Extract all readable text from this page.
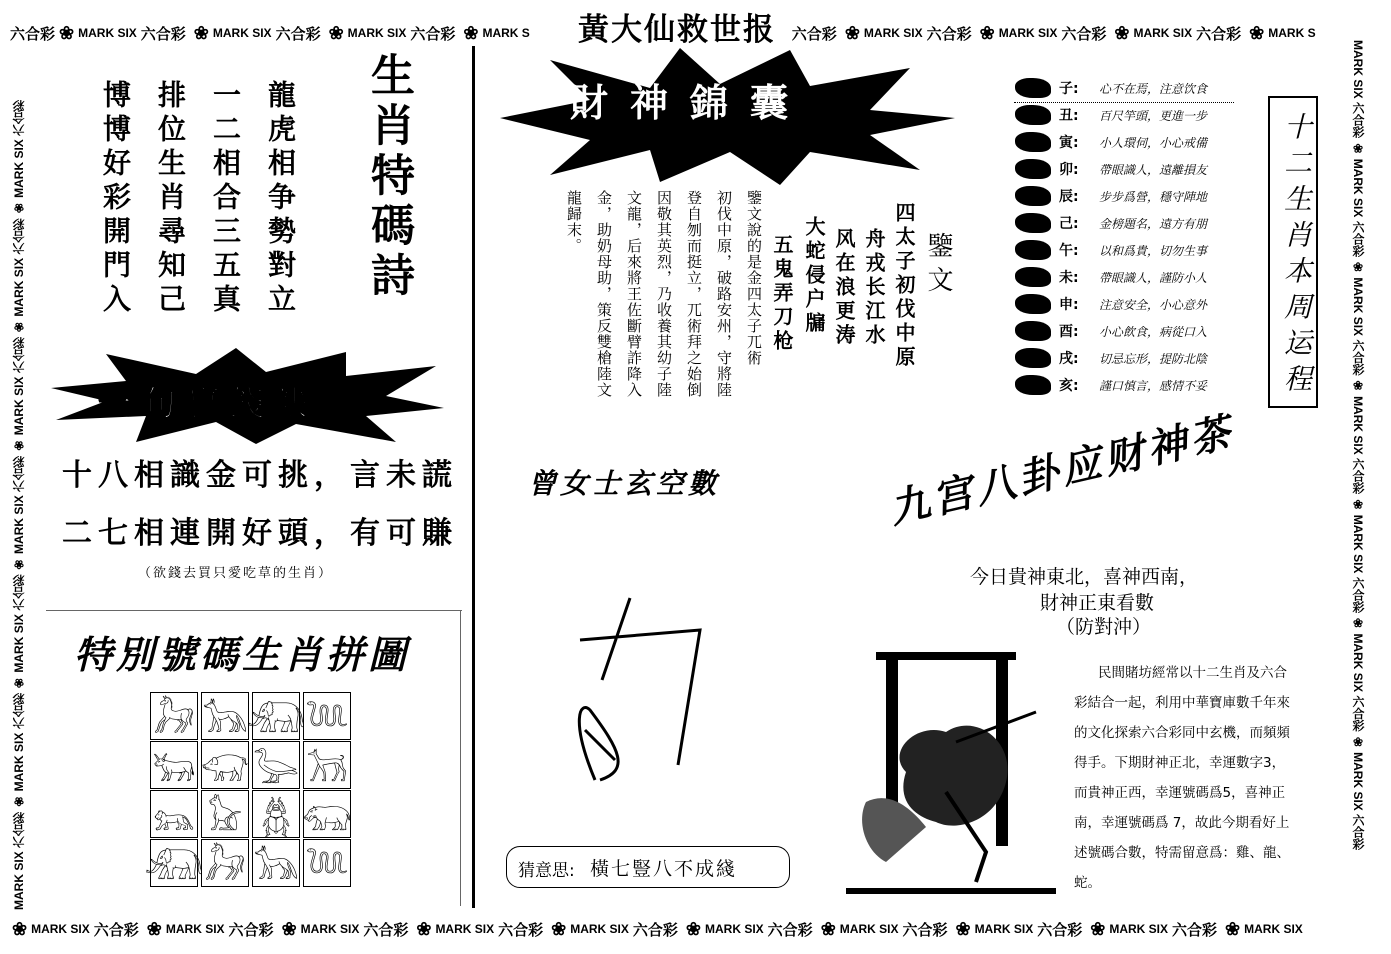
六合彩 ❀ MARK SIX 六合彩 ❀ MARK SIX 六合彩 ❀ MARK SIX 六合彩 ❀ MARK S	六合彩 ❀ MARK SIX 六合彩 ❀ MARK SIX 六合彩 ❀ MARK SIX 六合彩 ❀ MARK S
❀ MARK SIX 六合彩 ❀ MARK SIX 六合彩 ❀ MARK SIX 六合彩 ❀ MARK SIX 六合彩 ❀ MARK SIX 六合彩 ❀ MARK SIX 六合彩 ❀ MARK SIX 六合彩 ❀ MARK SIX 六合彩 ❀ MARK SIX 六合彩 ❀ MARK SIX
MARK SIX 六合彩 ❀ MARK SIX 六合彩 ❀ MARK SIX 六合彩 ❀ MARK SIX 六合彩 ❀ MARK SIX 六合彩 ❀ MARK SIX 六合彩 ❀ MARK SIX 六合彩
MARK SIX 六合彩 ❀ MARK SIX 六合彩 ❀ MARK SIX 六合彩 ❀ MARK SIX 六合彩 ❀ MARK SIX 六合彩 ❀ MARK SIX 六合彩 ❀ MARK SIX 六合彩
黃大仙救世报
財神錦囊
生肖特碼詩
龍虎相争勢對立
一二相合三五真
排位生肖尋知己
博博好彩開門入
一句贏錢訣
十八相識金可挑，言未謊
二七相連開好頭，有可賺
（欲錢去買只愛吃草的生肖）
特別號碼生肖拼圖
𓃗 𓃥 𓃰 𓆙
𓃒 𓃟 𓅬 𓃡
𓃬 𓃠 𓆣 𓃯
𓃰 𓃗 𓃥 𓆙
鑒文
四太子初伐中原
舟戎长江水
风在浪更涛
大蛇侵户牖
五鬼弄刀枪
鑒文說的是金四太子兀術
初伐中原，破路安州，守將陸
登自刎而挺立，兀術拜之始倒
因敬其英烈，乃收養其幼子陸
文龍，后來將王佐斷臂詐降入
金，助奶母助，策反雙槍陸文
龍歸末。
子:	心不在焉，注意饮食
丑:	百尺竿頭，更進一步
寅:	小人環伺，小心戒備
卯:	帶眼識人，遠離損友
辰:	步步爲營，穩守陣地
己:	金榜題名，遠方有朋
午:	以和爲貴，切勿生事
未:	帶眼識人，謹防小人
申:	注意安全，小心意外
酉:	小心飲食，病從口入
戌:	切忌忘形，提防北陰
亥:	謹口慎言，感情不妥	十二生肖本周运程
曾女士玄空數
猜意思: 橫七豎八不成綫
九宫八卦应财神茶
今日貴神東北，喜神西南，
財神正東看數
（防對沖）
民間賭坊經常以十二生肖及六合
彩結合一起，利用中華寶庫數千年來
的文化探索六合彩同中玄機，而頻頻
得手。下期財神正北，幸運數字3，
而貴神正西，幸運號碼爲5，喜神正
南，幸運號碼爲 7，故此今期看好上
述號碼合數，特需留意爲：雞、龍、
蛇。
